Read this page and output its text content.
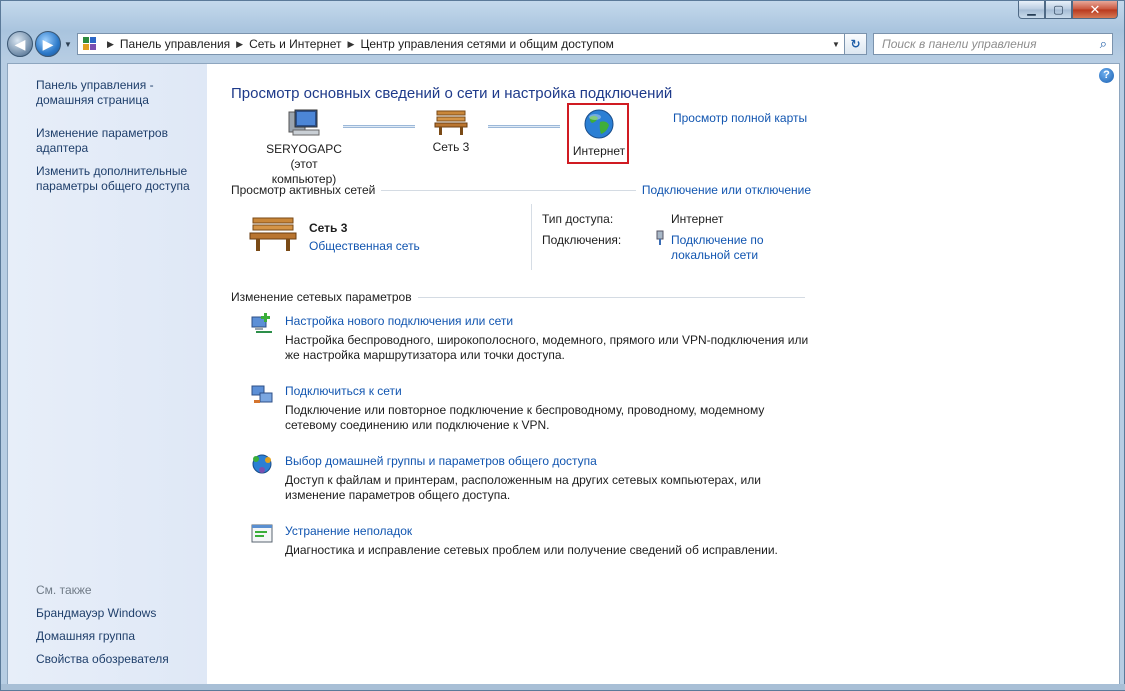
▁	▢	✕
◀ ▶ ▼	▶ Панель управления ▶ Сеть и Интернет ▶ Центр управления сетями и общим доступом	▼ ↻ Поиск в панели управления	⌕
Панель управления - домашняя страница
Изменение параметров адаптера
Изменить дополнительные параметры общего доступа
См. также
Брандмауэр Windows
Домашняя группа
Свойства обозревателя
?
Просмотр основных сведений о сети и настройка подключений
Просмотр полной карты
SERYOGAPC
(этот компьютер)
Сеть 3	Интернет
Просмотр активных сетей	Подключение или отключение
Сеть 3
Общественная сеть
Тип доступа:	Интернет
Подключения:	Подключение по локальной сети
Изменение сетевых параметров
Настройка нового подключения или сети
Настройка беспроводного, широкополосного, модемного, прямого или VPN-подключения или же настройка маршрутизатора или точки доступа.
Подключиться к сети
Подключение или повторное подключение к беспроводному, проводному, модемному сетевому соединению или подключение к VPN.
Выбор домашней группы и параметров общего доступа
Доступ к файлам и принтерам, расположенным на других сетевых компьютерах, или изменение параметров общего доступа.
Устранение неполадок
Диагностика и исправление сетевых проблем или получение сведений об исправлении.
